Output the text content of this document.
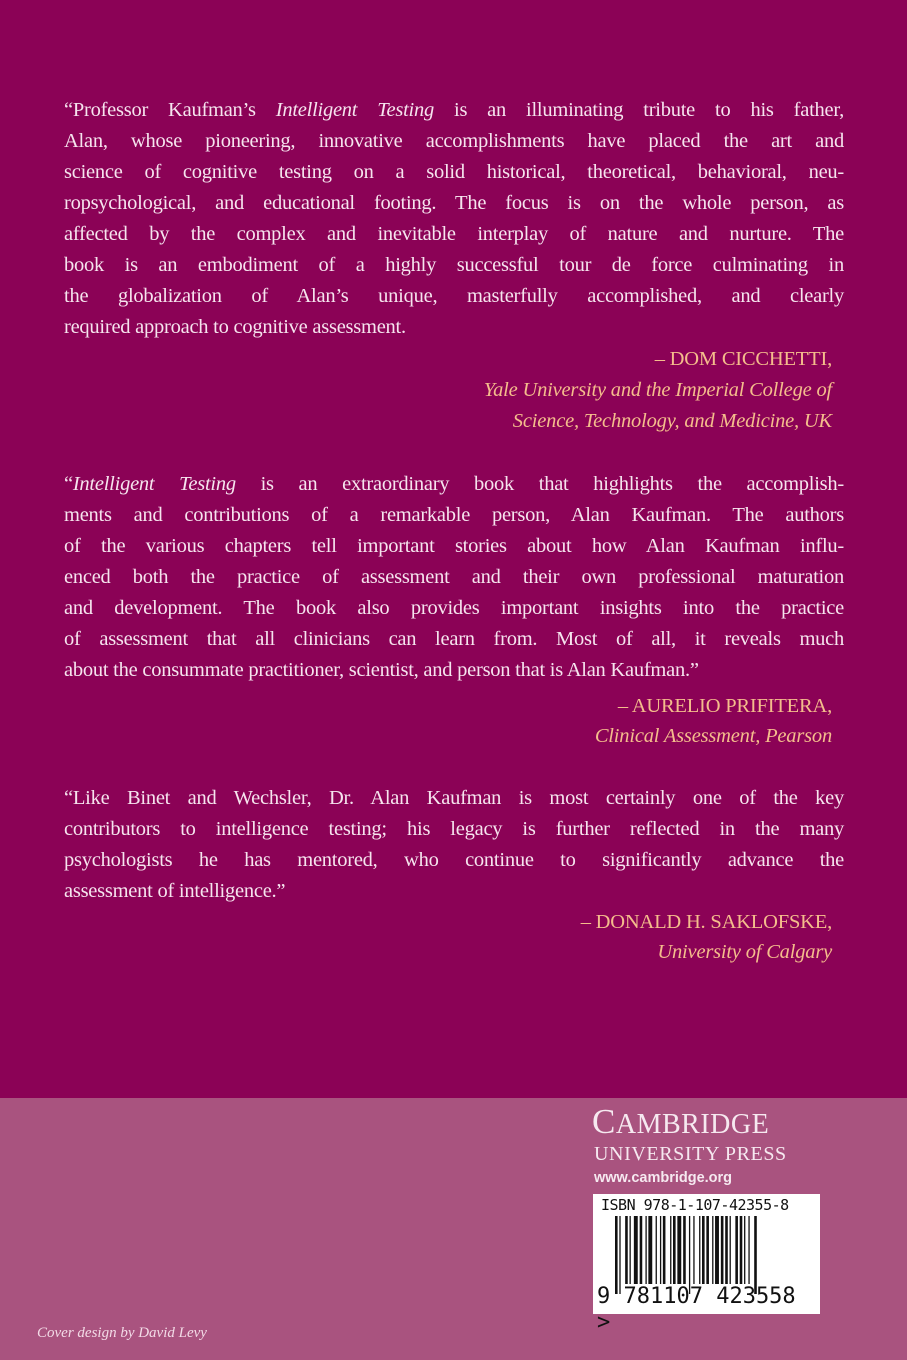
“Professor Kaufman’s Intelligent Testing is an illuminating tribute to his father,
Alan, whose pioneering, innovative accomplishments have placed the art and
science of cognitive testing on a solid historical, theoretical, behavioral, neu-
ropsychological, and educational footing. The focus is on the whole person, as
affected by the complex and inevitable interplay of nature and nurture. The
book is an embodiment of a highly successful tour de force culminating in
the globalization of Alan’s unique, masterfully accomplished, and clearly
required approach to cognitive assessment.
– DOM CICCHETTI,
Yale University and the Imperial College of
Science, Technology, and Medicine, UK
“Intelligent Testing is an extraordinary book that highlights the accomplish-
ments and contributions of a remarkable person, Alan Kaufman. The authors
of the various chapters tell important stories about how Alan Kaufman influ-
enced both the practice of assessment and their own professional maturation
and development. The book also provides important insights into the practice
of assessment that all clinicians can learn from. Most of all, it reveals much
about the consummate practitioner, scientist, and person that is Alan Kaufman.”
– AURELIO PRIFITERA,
Clinical Assessment, Pearson
“Like Binet and Wechsler, Dr. Alan Kaufman is most certainly one of the key
contributors to intelligence testing; his legacy is further reflected in the many
psychologists he has mentored, who continue to significantly advance the
assessment of intelligence.”
– DONALD H. SAKLOFSKE,
University of Calgary
CAMBRIDGE
UNIVERSITY PRESS
www.cambridge.org
ISBN 978-1-107-42355-8
9 781107 423558 >
Cover design by David Levy
